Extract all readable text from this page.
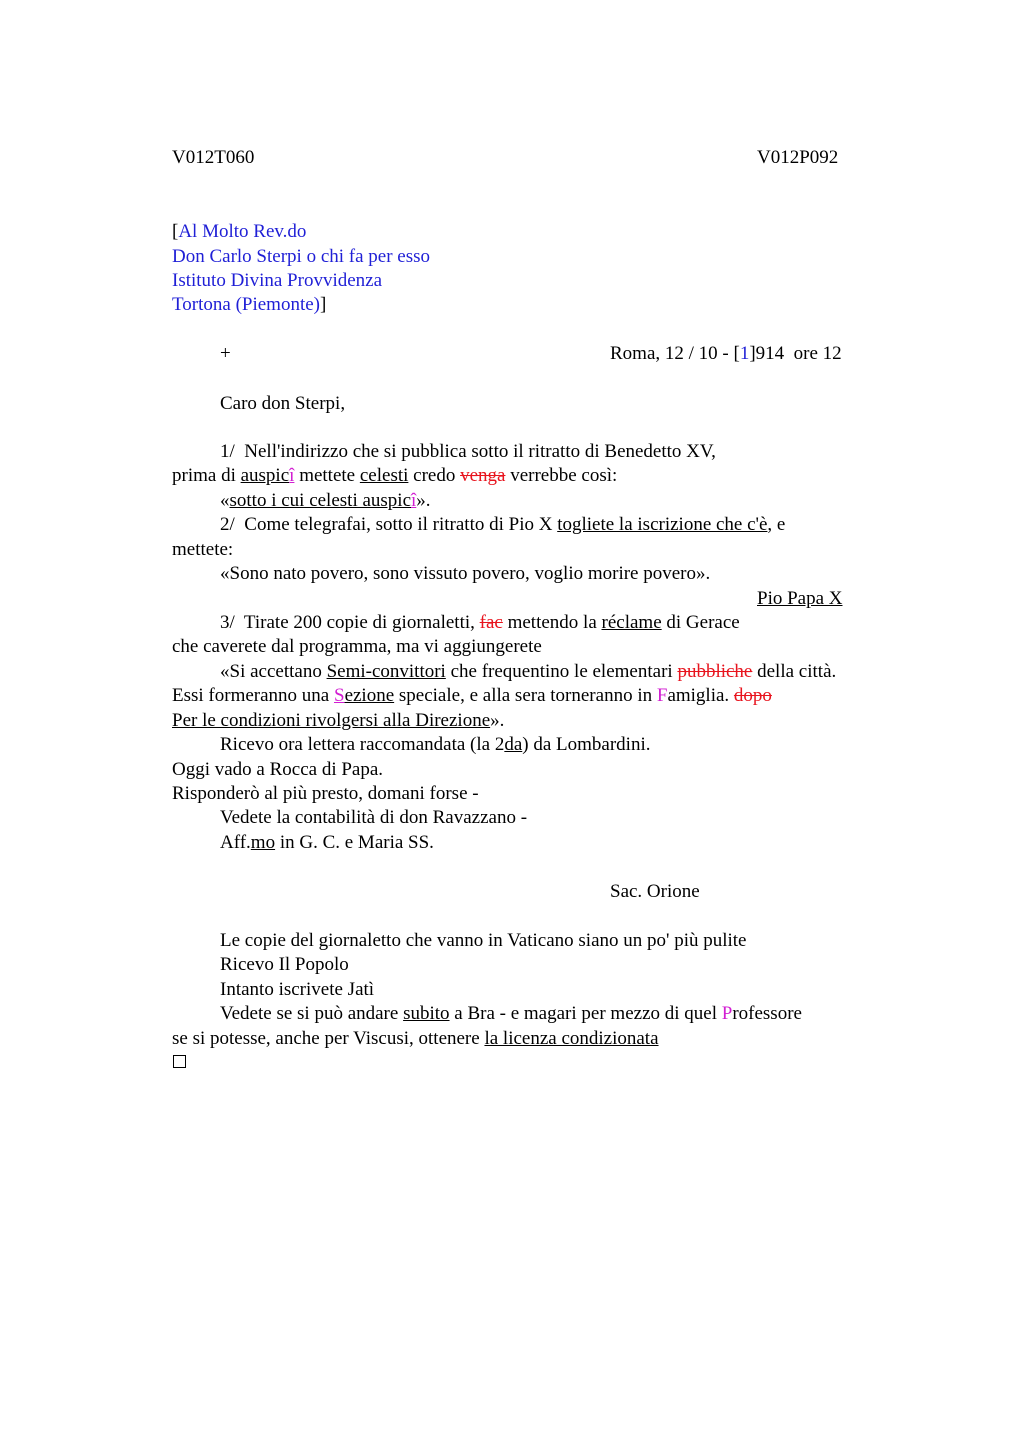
V012T060	V012P092
[Al Molto Rev.do
Don Carlo Sterpi o chi fa per esso
Istituto Divina Provvidenza
Tortona (Piemonte)]
+	Roma, 12 / 10 - [1]914  ore 12
Caro don Sterpi,
1/  Nell'indirizzo che si pubblica sotto il ritratto di Benedetto XV,
prima di auspicî mettete celesti credo venga verrebbe così:
«sotto i cui celesti auspicî».
2/  Come telegrafai, sotto il ritratto di Pio X togliete la iscrizione che c'è, e
mettete:
«Sono nato povero, sono vissuto povero, voglio morire povero».
Pio Papa X
3/  Tirate 200 copie di giornaletti, fac mettendo la réclame di Gerace
che caverete dal programma, ma vi aggiungerete
«Si accettano Semi-convittori che frequentino le elementari pubbliche della città.
Essi formeranno una Sezione speciale, e alla sera torneranno in Famiglia. dopo
Per le condizioni rivolgersi alla Direzione».
Ricevo ora lettera raccomandata (la 2da) da Lombardini.
Oggi vado a Rocca di Papa.
Risponderò al più presto, domani forse -
Vedete la contabilità di don Ravazzano -
Aff.mo in G. C. e Maria SS.
Sac. Orione
Le copie del giornaletto che vanno in Vaticano siano un po' più pulite
Ricevo Il Popolo
Intanto iscrivete Jatì
Vedete se si può andare subito a Bra - e magari per mezzo di quel Professore
se si potesse, anche per Viscusi, ottenere la licenza condizionata
